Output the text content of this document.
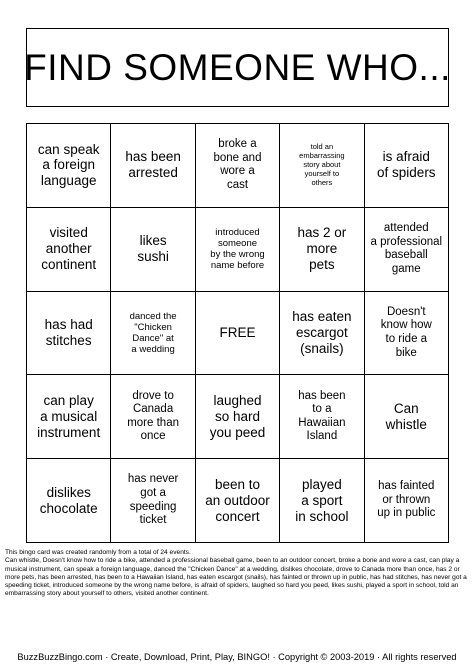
FIND SOMEONE WHO...
can speak
a foreign
language
has been
arrested
broke a
bone and
wore a
cast
told an
embarrassing
story about
yourself to
others
is afraid
of spiders
visited
another
continent
likes
sushi
introduced
someone
by the wrong
name before
has 2 or
more
pets
attended
a professional
baseball
game
has had
stitches
danced the
"Chicken
Dance" at
a wedding
FREE
has eaten
escargot
(snails)
Doesn't
know how
to ride a
bike
can play
a musical
instrument
drove to
Canada
more than
once
laughed
so hard
you peed
has been
to a
Hawaiian
Island
Can
whistle
dislikes
chocolate
has never
got a
speeding
ticket
been to
an outdoor
concert
played
a sport
in school
has fainted
or thrown
up in public
This bingo card was created randomly from a total of 24 events.
Can whistle, Doesn't know how to ride a bike, attended a professional baseball game, been to an outdoor concert, broke a bone and wore a cast, can play a musical instrument, can speak a foreign language, danced the "Chicken Dance" at a wedding, dislikes chocolate, drove to Canada more than once, has 2 or more pets, has been arrested, has been to a Hawaiian Island, has eaten escargot (snails), has fainted or thrown up in public, has had stitches, has never got a speeding ticket, introduced someone by the wrong name before, is afraid of spiders, laughed so hard you peed, likes sushi, played a sport in school, told an embarrassing story about yourself to others, visited another continent.
BuzzBuzzBingo.com · Create, Download, Print, Play, BINGO! · Copyright © 2003-2019 · All rights reserved
